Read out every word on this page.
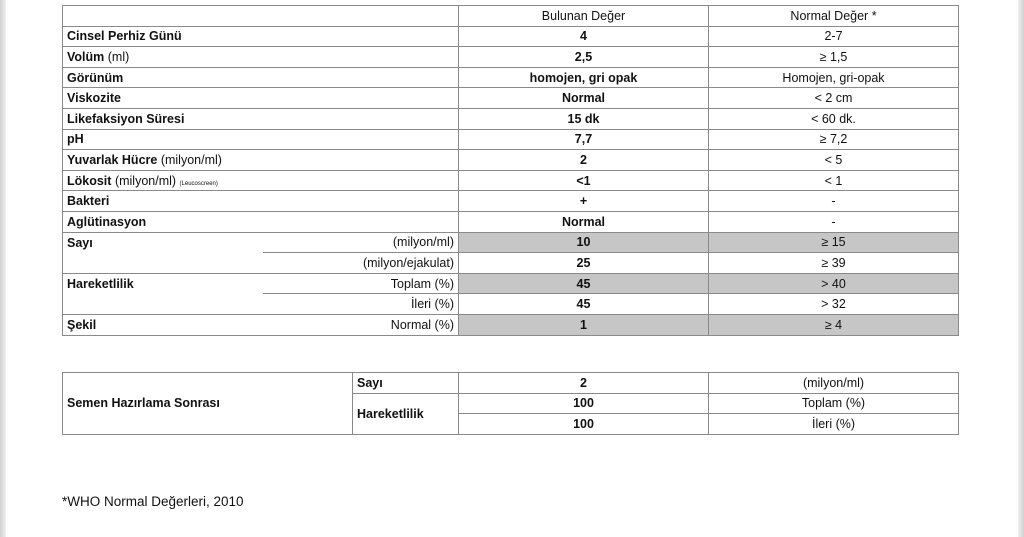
		Bulunan Değer	Normal Değer *
Cinsel Perhiz Günü		4	2-7
Volüm (ml)		2,5	≥ 1,5
Görünüm		homojen, gri opak	Homojen, gri-opak
Viskozite		Normal	< 2 cm
Likefaksiyon Süresi		15 dk	< 60 dk.
pH		7,7	≥ 7,2
Yuvarlak Hücre (milyon/ml)		2	< 5
Lökosit (milyon/ml) (Leucoscreen)		<1	< 1
Bakteri		+	-
Aglütinasyon		Normal	-
Sayı	(milyon/ml)	10	≥ 15
	(milyon/ejakulat)	25	≥ 39
Hareketlilik	Toplam (%)	45	> 40
	İleri (%)	45	> 32
Şekil	Normal (%)	1	≥ 4
Semen Hazırlama Sonrası	Sayı	2	(milyon/ml)
	Hareketlilik	100	Toplam (%)
		100	İleri (%)
*WHO Normal Değerleri, 2010
